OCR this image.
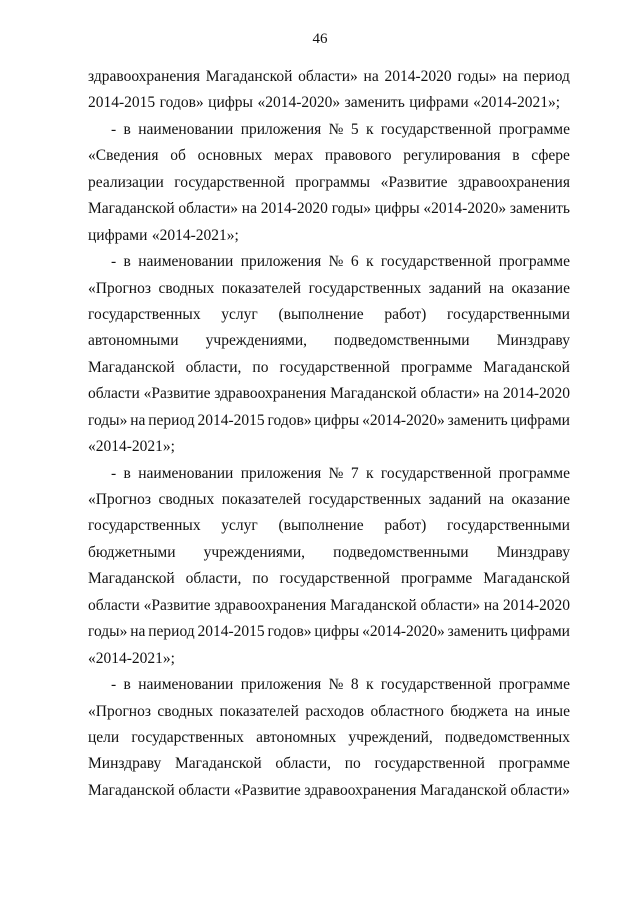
46
здравоохранения Магаданской области» на 2014-2020 годы» на период
2014-2015 годов» цифры «2014-2020» заменить цифрами «2014-2021»;
- в наименовании приложения № 5 к государственной программе
«Сведения об основных мерах правового регулирования в сфере
реализации государственной программы «Развитие здравоохранения
Магаданской области» на 2014-2020 годы» цифры «2014-2020» заменить
цифрами «2014-2021»;
- в наименовании приложения № 6 к государственной программе
«Прогноз сводных показателей государственных заданий на оказание
государственных услуг (выполнение работ) государственными
автономными учреждениями, подведомственными Минздраву
Магаданской области, по государственной программе Магаданской
области «Развитие здравоохранения Магаданской области» на 2014-2020
годы» на период 2014-2015 годов» цифры «2014-2020» заменить цифрами
«2014-2021»;
- в наименовании приложения № 7 к государственной программе
«Прогноз сводных показателей государственных заданий на оказание
государственных услуг (выполнение работ) государственными
бюджетными учреждениями, подведомственными Минздраву
Магаданской области, по государственной программе Магаданской
области «Развитие здравоохранения Магаданской области» на 2014-2020
годы» на период 2014-2015 годов» цифры «2014-2020» заменить цифрами
«2014-2021»;
- в наименовании приложения № 8 к государственной программе
«Прогноз сводных показателей расходов областного бюджета на иные
цели государственных автономных учреждений, подведомственных
Минздраву Магаданской области, по государственной программе
Магаданской области «Развитие здравоохранения Магаданской области»
